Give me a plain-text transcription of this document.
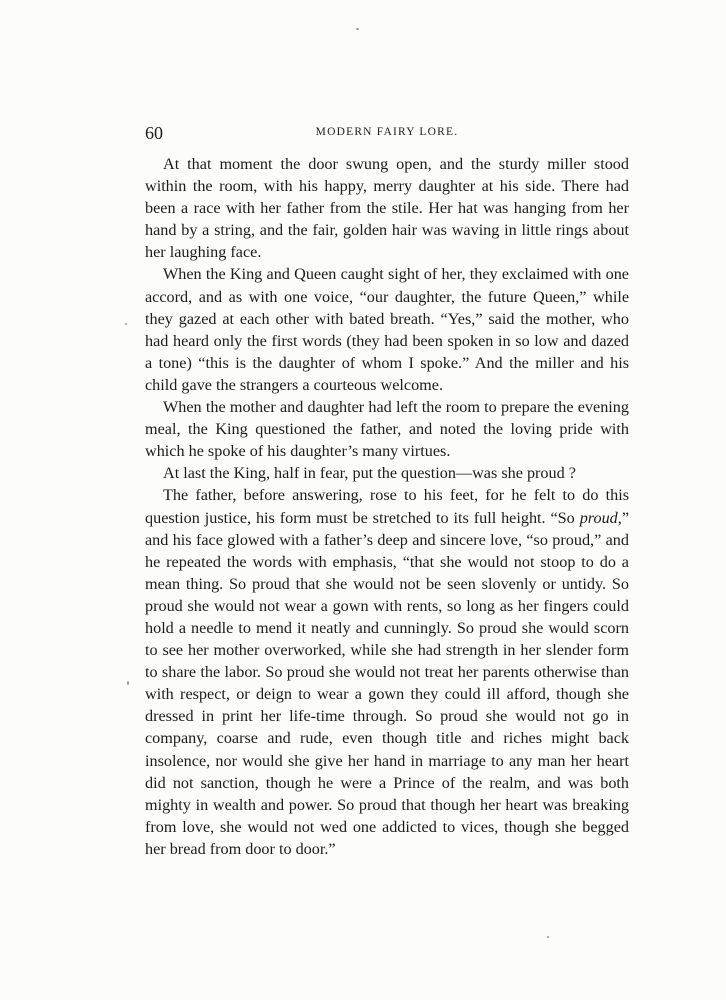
60	MODERN FAIRY LORE.

At that moment the door swung open, and the sturdy miller stood within the room, with his happy, merry daughter at his side. There had been a race with her father from the stile. Her hat was hanging from her hand by a string, and the fair, golden hair was waving in little rings about her laughing face.

When the King and Queen caught sight of her, they exclaimed with one accord, and as with one voice, “our daughter, the future Queen,” while they gazed at each other with bated breath. “Yes,” said the mother, who had heard only the first words (they had been spoken in so low and dazed a tone) “this is the daughter of whom I spoke.” And the miller and his child gave the strangers a courteous welcome.

When the mother and daughter had left the room to prepare the evening meal, the King questioned the father, and noted the loving pride with which he spoke of his daughter’s many virtues.

At last the King, half in fear, put the question—was she proud ?

The father, before answering, rose to his feet, for he felt to do this question justice, his form must be stretched to its full height. “So proud,” and his face glowed with a father’s deep and sincere love, “so proud,” and he repeated the words with emphasis, “that she would not stoop to do a mean thing. So proud that she would not be seen slovenly or untidy. So proud she would not wear a gown with rents, so long as her fingers could hold a needle to mend it neatly and cunningly. So proud she would scorn to see her mother overworked, while she had strength in her slender form to share the labor. So proud she would not treat her parents otherwise than with respect, or deign to wear a gown they could ill afford, though she dressed in print her life-time through. So proud she would not go in company, coarse and rude, even though title and riches might back insolence, nor would she give her hand in marriage to any man her heart did not sanction, though he were a Prince of the realm, and was both mighty in wealth and power. So proud that though her heart was breaking from love, she would not wed one addicted to vices, though she begged her bread from door to door.”
